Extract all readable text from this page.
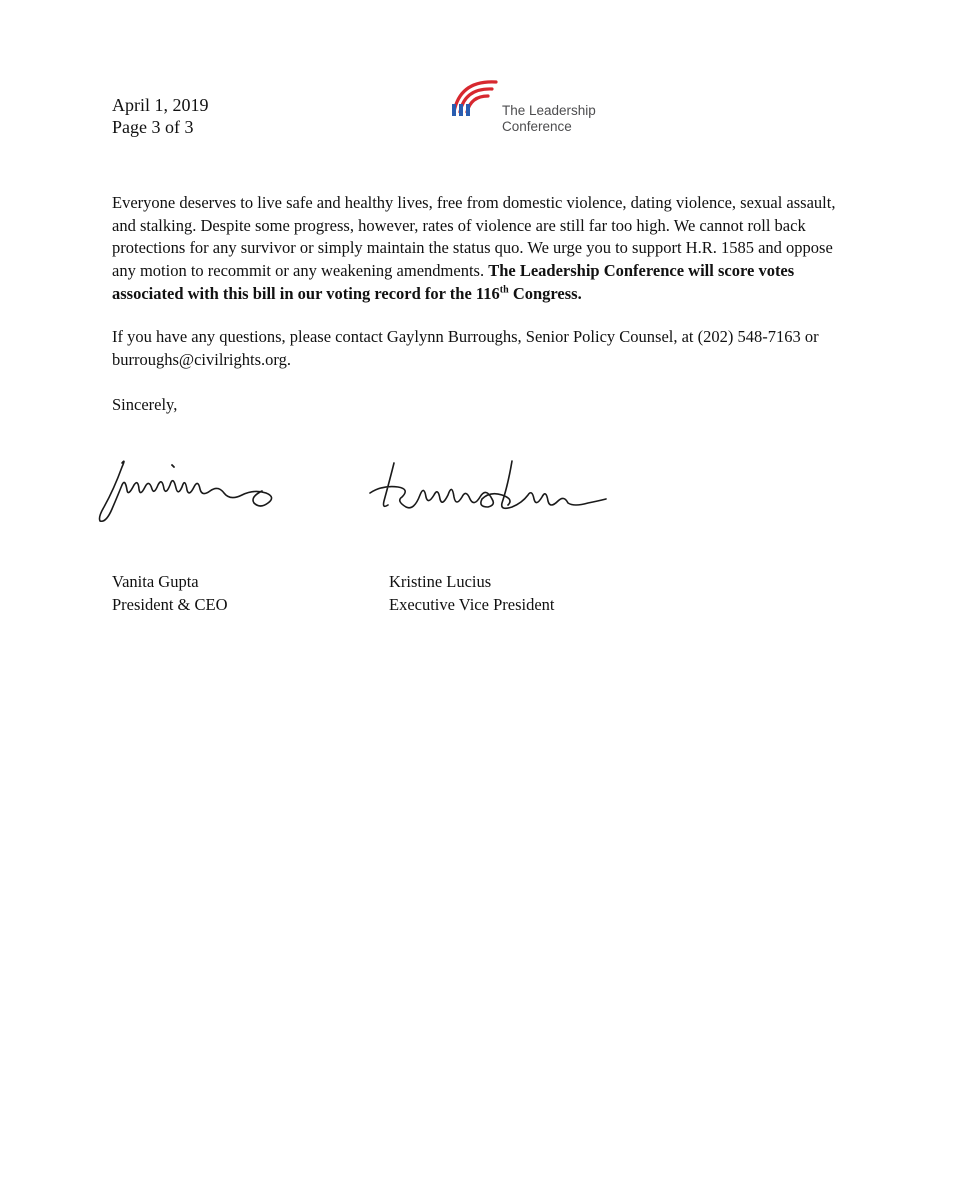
April 1, 2019
Page 3 of 3
The Leadership
Conference

Everyone deserves to live safe and healthy lives, free from domestic violence, dating violence, sexual assault, and stalking. Despite some progress, however, rates of violence are still far too high. We cannot roll back protections for any survivor or simply maintain the status quo. We urge you to support H.R. 1585 and oppose any motion to recommit or any weakening amendments. The Leadership Conference will score votes associated with this bill in our voting record for the 116th Congress.

If you have any questions, please contact Gaylynn Burroughs, Senior Policy Counsel, at (202) 548-7163 or burroughs@civilrights.org.

Sincerely,

Vanita Gupta
President & CEO
Kristine Lucius
Executive Vice President
